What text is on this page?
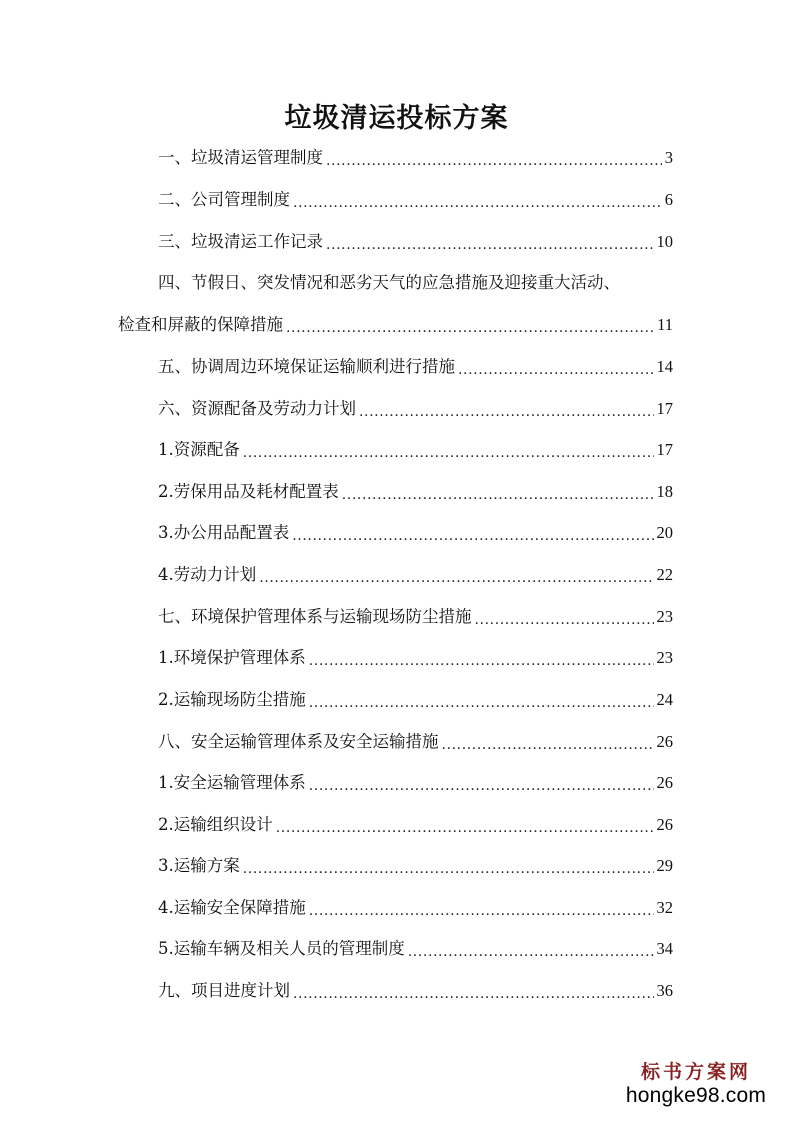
垃圾清运投标方案
一、垃圾清运管理制度 .....	3
二、公司管理制度 .....	6
三、垃圾清运工作记录 .....	10
四、节假日、突发情况和恶劣天气的应急措施及迎接重大活动、
检查和屏蔽的保障措施 .....	11
五、协调周边环境保证运输顺利进行措施 .....	14
六、资源配备及劳动力计划 .....	17
1.资源配备 .....	17
2.劳保用品及耗材配置表 .....	18
3.办公用品配置表 .....	20
4.劳动力计划 .....	22
七、环境保护管理体系与运输现场防尘措施 .....	23
1.环境保护管理体系 .....	23
2.运输现场防尘措施 .....	24
八、安全运输管理体系及安全运输措施 .....	26
1.安全运输管理体系 .....	26
2.运输组织设计 .....	26
3.运输方案 .....	29
4.运输安全保障措施 .....	32
5.运输车辆及相关人员的管理制度 .....	34
九、项目进度计划 .....	36
标书方案网
hongke98.com
